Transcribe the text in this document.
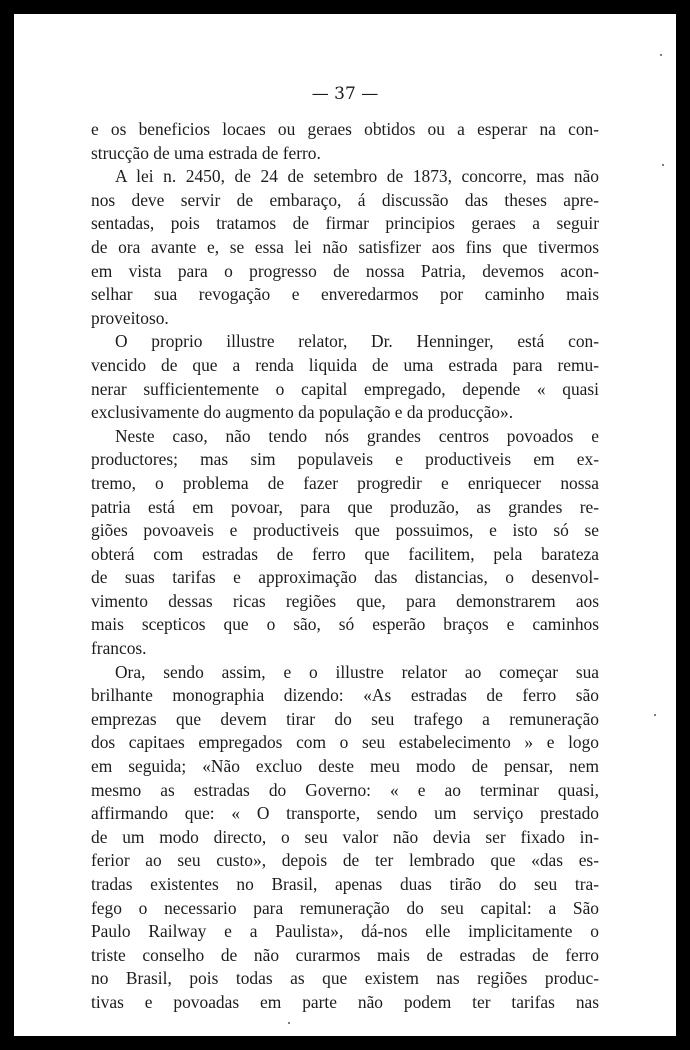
— 37 —

e os beneficios locaes ou geraes obtidos ou a esperar na con-
strucção de uma estrada de ferro.
A lei n. 2450, de 24 de setembro de 1873, concorre, mas não
nos deve servir de embaraço, á discussão das theses apre-
sentadas, pois tratamos de firmar principios geraes a seguir
de ora avante e, se essa lei não satisfizer aos fins que tivermos
em vista para o progresso de nossa Patria, devemos acon-
selhar sua revogação e enveredarmos por caminho mais
proveitoso.
O proprio illustre relator, Dr. Henninger, está con-
vencido de que a renda liquida de uma estrada para remu-
nerar sufficientemente o capital empregado, depende « quasi
exclusivamente do augmento da população e da producção».
Neste caso, não tendo nós grandes centros povoados e
productores; mas sim populaveis e productiveis em ex-
tremo, o problema de fazer progredir e enriquecer nossa
patria está em povoar, para que produzão, as grandes re-
giões povoaveis e productiveis que possuimos, e isto só se
obterá com estradas de ferro que facilitem, pela barateza
de suas tarifas e approximação das distancias, o desenvol-
vimento dessas ricas regiões que, para demonstrarem aos
mais scepticos que o são, só esperão braços e caminhos
francos.
Ora, sendo assim, e o illustre relator ao começar sua
brilhante monographia dizendo: «As estradas de ferro são
emprezas que devem tirar do seu trafego a remuneração
dos capitaes empregados com o seu estabelecimento » e logo
em seguida; «Não excluo deste meu modo de pensar, nem
mesmo as estradas do Governo: « e ao terminar quasi,
affirmando que: « O transporte, sendo um serviço prestado
de um modo directo, o seu valor não devia ser fixado in-
ferior ao seu custo», depois de ter lembrado que «das es-
tradas existentes no Brasil, apenas duas tirão do seu tra-
fego o necessario para remuneração do seu capital: a São
Paulo Railway e a Paulista», dá-nos elle implicitamente o
triste conselho de não curarmos mais de estradas de ferro
no Brasil, pois todas as que existem nas regiões produc-
tivas e povoadas em parte não podem ter tarifas nas
